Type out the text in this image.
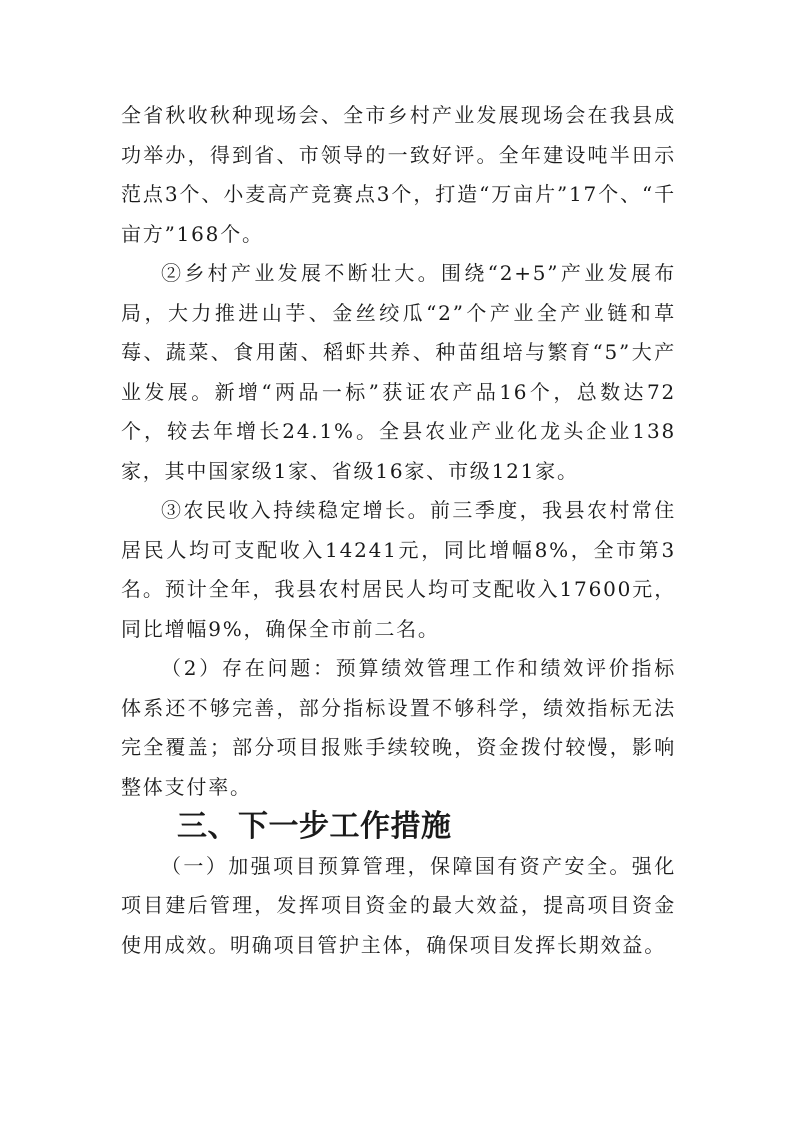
全省秋收秋种现场会、全市乡村产业发展现场会在我县成功举办，得到省、市领导的一致好评。全年建设吨半田示范点3个、小麦高产竞赛点3个，打造“万亩片”17个、“千亩方”168个。

②乡村产业发展不断壮大。围绕“2+5”产业发展布局，大力推进山芋、金丝绞瓜“2”个产业全产业链和草莓、蔬菜、食用菌、稻虾共养、种苗组培与繁育“5”大产业发展。新增“两品一标”获证农产品16个，总数达72个，较去年增长24.1%。全县农业产业化龙头企业138家，其中国家级1家、省级16家、市级121家。

③农民收入持续稳定增长。前三季度，我县农村常住居民人均可支配收入14241元，同比增幅8%，全市第3名。预计全年，我县农村居民人均可支配收入17600元，同比增幅9%，确保全市前二名。

（2）存在问题：预算绩效管理工作和绩效评价指标体系还不够完善，部分指标设置不够科学，绩效指标无法完全覆盖；部分项目报账手续较晚，资金拨付较慢，影响整体支付率。

三、下一步工作措施

（一）加强项目预算管理，保障国有资产安全。强化项目建后管理，发挥项目资金的最大效益，提高项目资金使用成效。明确项目管护主体，确保项目发挥长期效益。
